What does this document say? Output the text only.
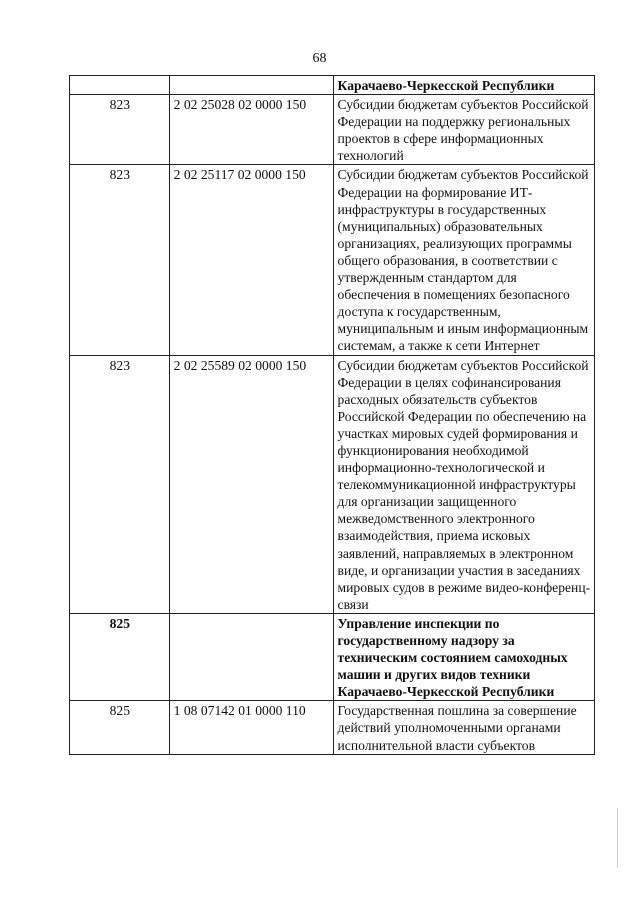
68
		Карачаево-Черкесской Республики
823	2 02 25028 02 0000 150	Субсидии бюджетам субъектов Российской Федерации на поддержку региональных проектов в сфере информационных технологий
823	2 02 25117 02 0000 150	Субсидии бюджетам субъектов Российской Федерации на формирование ИТ-инфраструктуры в государственных (муниципальных) образовательных организациях, реализующих программы общего образования, в соответствии с утвержденным стандартом для обеспечения в помещениях безопасного доступа к государственным, муниципальным и иным информационным системам, а также к сети Интернет
823	2 02 25589 02 0000 150	Субсидии бюджетам субъектов Российской Федерации в целях софинансирования расходных обязательств субъектов Российской Федерации по обеспечению на участках мировых судей формирования и функционирования необходимой информационно-технологической и телекоммуникационной инфраструктуры для организации защищенного межведомственного электронного взаимодействия, приема исковых заявлений, направляемых в электронном виде, и организации участия в заседаниях мировых судов в режиме видео-конференц-связи
825		Управление инспекции по государственному надзору за техническим состоянием самоходных машин и других видов техники Карачаево-Черкесской Республики
825	1 08 07142 01 0000 110	Государственная пошлина за совершение действий уполномоченными органами исполнительной власти субъектов
